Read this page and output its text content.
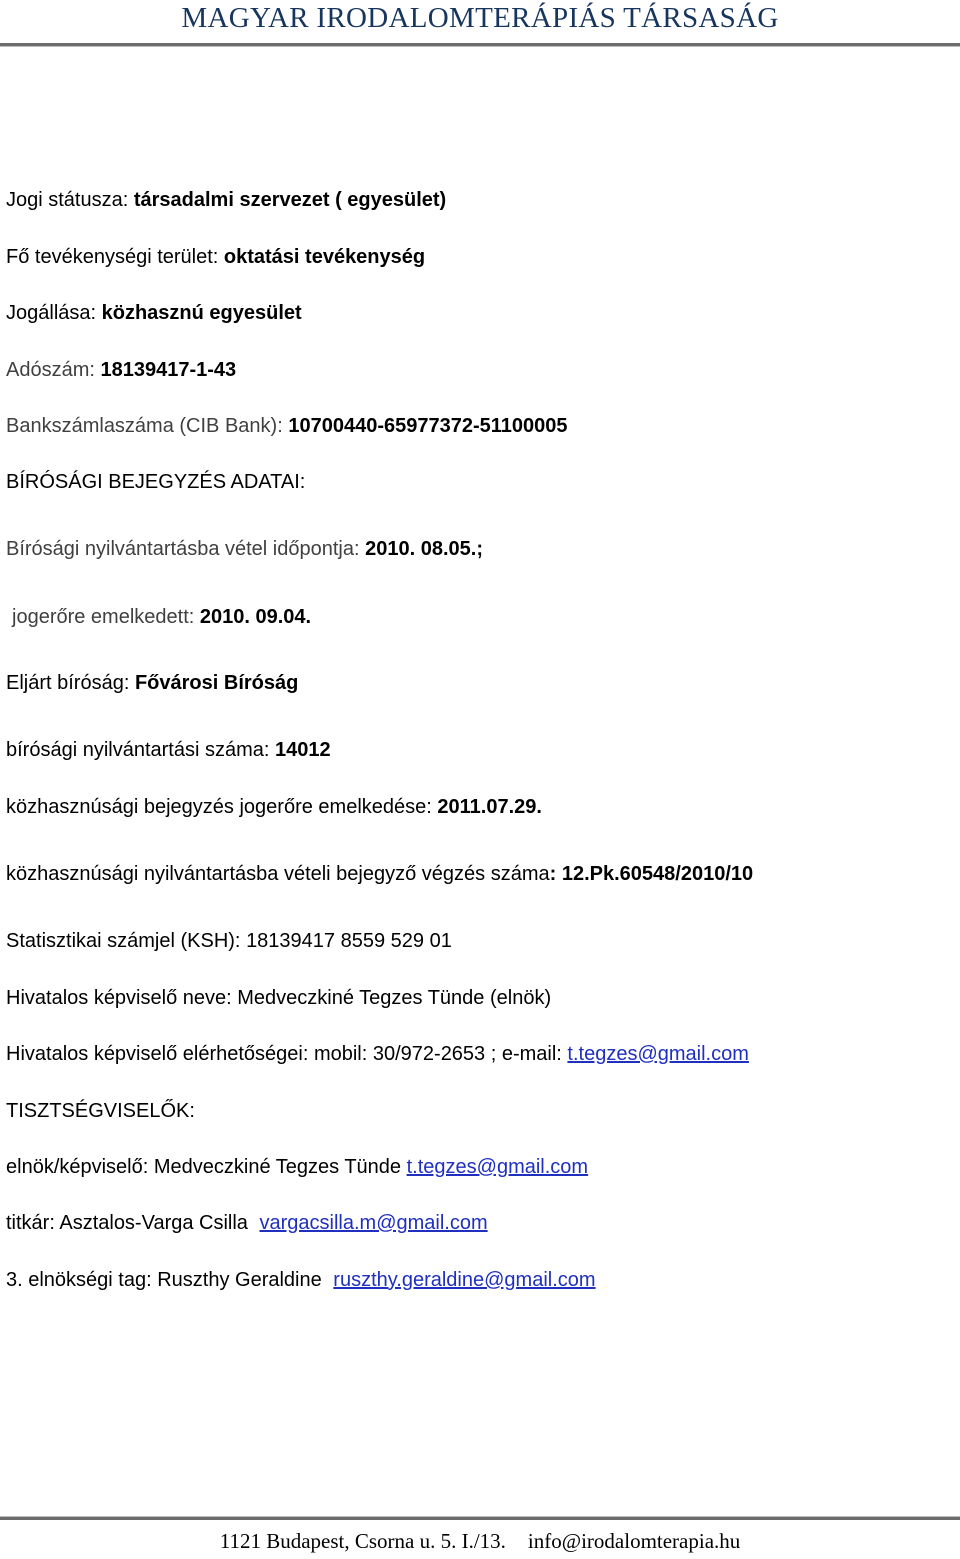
MAGYAR IRODALOMTERÁPIÁS TÁRSASÁG
Jogi státusza: társadalmi szervezet ( egyesület)
Fő tevékenységi terület: oktatási tevékenység
Jogállása: közhasznú egyesület
Adószám: 18139417-1-43
Bankszámlaszáma (CIB Bank): 10700440-65977372-51100005
BÍRÓSÁGI BEJEGYZÉS ADATAI:
Bírósági nyilvántartásba vétel időpontja: 2010. 08.05.;
jogerőre emelkedett: 2010. 09.04.
Eljárt bíróság: Fővárosi Bíróság
bírósági nyilvántartási száma: 14012
közhasznúsági bejegyzés jogerőre emelkedése: 2011.07.29.
közhasznúsági nyilvántartásba vételi bejegyző végzés száma: 12.Pk.60548/2010/10
Statisztikai számjel (KSH): 18139417 8559 529 01
Hivatalos képviselő neve: Medveczkiné Tegzes Tünde (elnök)
Hivatalos képviselő elérhetőségei: mobil: 30/972-2653 ; e-mail: t.tegzes@gmail.com
TISZTSÉGVISELŐK:
elnök/képviselő: Medveczkiné Tegzes Tünde t.tegzes@gmail.com
titkár: Asztalos-Varga Csilla vargacsilla.m@gmail.com
3. elnökségi tag: Ruszthy Geraldine ruszthy.geraldine@gmail.com
1121 Budapest, Csorna u. 5. I./13. info@irodalomterapia.hu
